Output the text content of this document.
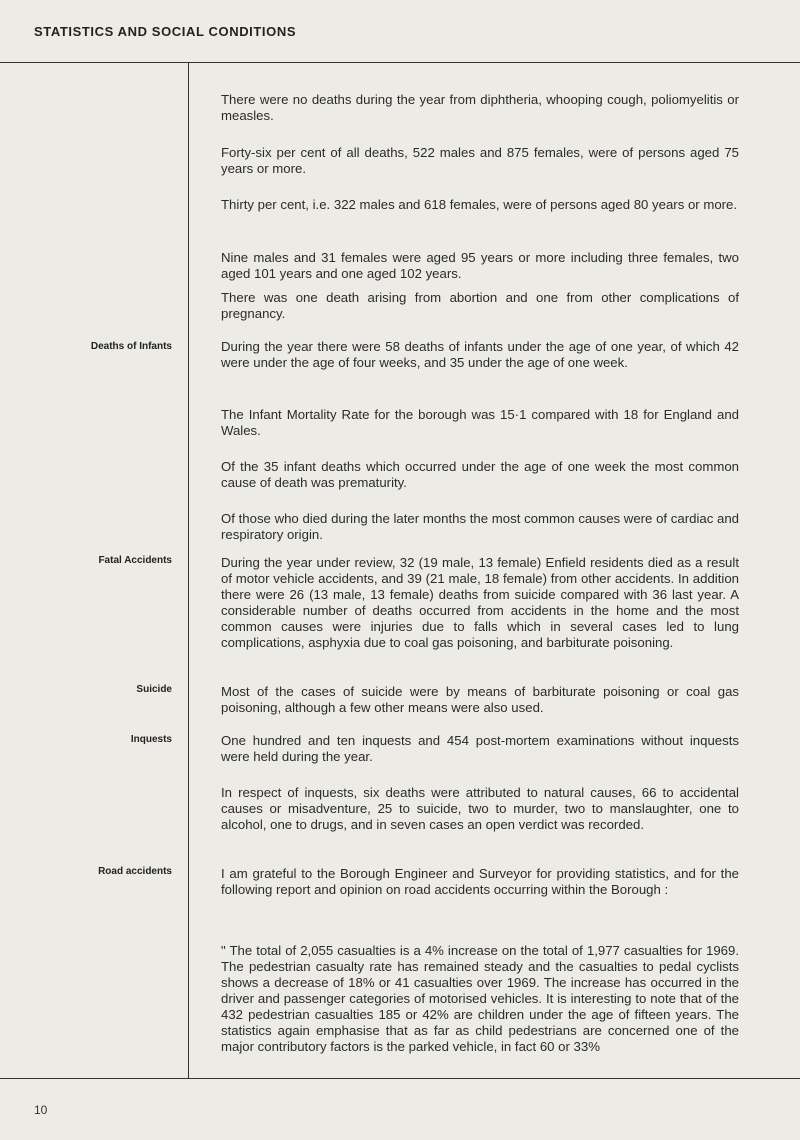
STATISTICS AND SOCIAL CONDITIONS
Deaths of Infants
Fatal Accidents
Suicide
Inquests
Road accidents

There were no deaths during the year from diphtheria, whooping cough, poliomyelitis or measles.

Forty-six per cent of all deaths, 522 males and 875 females, were of persons aged 75 years or more.

Thirty per cent, i.e. 322 males and 618 females, were of persons aged 80 years or more.

Nine males and 31 females were aged 95 years or more including three females, two aged 101 years and one aged 102 years.

There was one death arising from abortion and one from other complications of pregnancy.

During the year there were 58 deaths of infants under the age of one year, of which 42 were under the age of four weeks, and 35 under the age of one week.

The Infant Mortality Rate for the borough was 15·1 compared with 18 for England and Wales.

Of the 35 infant deaths which occurred under the age of one week the most common cause of death was prematurity.

Of those who died during the later months the most common causes were of cardiac and respiratory origin.

During the year under review, 32 (19 male, 13 female) Enfield residents died as a result of motor vehicle accidents, and 39 (21 male, 18 female) from other accidents. In addition there were 26 (13 male, 13 female) deaths from suicide compared with 36 last year. A considerable number of deaths occurred from accidents in the home and the most common causes were injuries due to falls which in several cases led to lung complications, asphyxia due to coal gas poisoning, and barbiturate poisoning.

Most of the cases of suicide were by means of barbiturate poisoning or coal gas poisoning, although a few other means were also used.

One hundred and ten inquests and 454 post-mortem examinations without inquests were held during the year.

In respect of inquests, six deaths were attributed to natural causes, 66 to accidental causes or misadventure, 25 to suicide, two to murder, two to manslaughter, one to alcohol, one to drugs, and in seven cases an open verdict was recorded.

I am grateful to the Borough Engineer and Surveyor for providing statistics, and for the following report and opinion on road accidents occurring within the Borough :

" The total of 2,055 casualties is a 4% increase on the total of 1,977 casualties for 1969. The pedestrian casualty rate has remained steady and the casualties to pedal cyclists shows a decrease of 18% or 41 casualties over 1969. The increase has occurred in the driver and passenger categories of motorised vehicles. It is interesting to note that of the 432 pedestrian casualties 185 or 42% are children under the age of fifteen years. The statistics again emphasise that as far as child pedestrians are concerned one of the major contributory factors is the parked vehicle, in fact 60 or 33%

10
